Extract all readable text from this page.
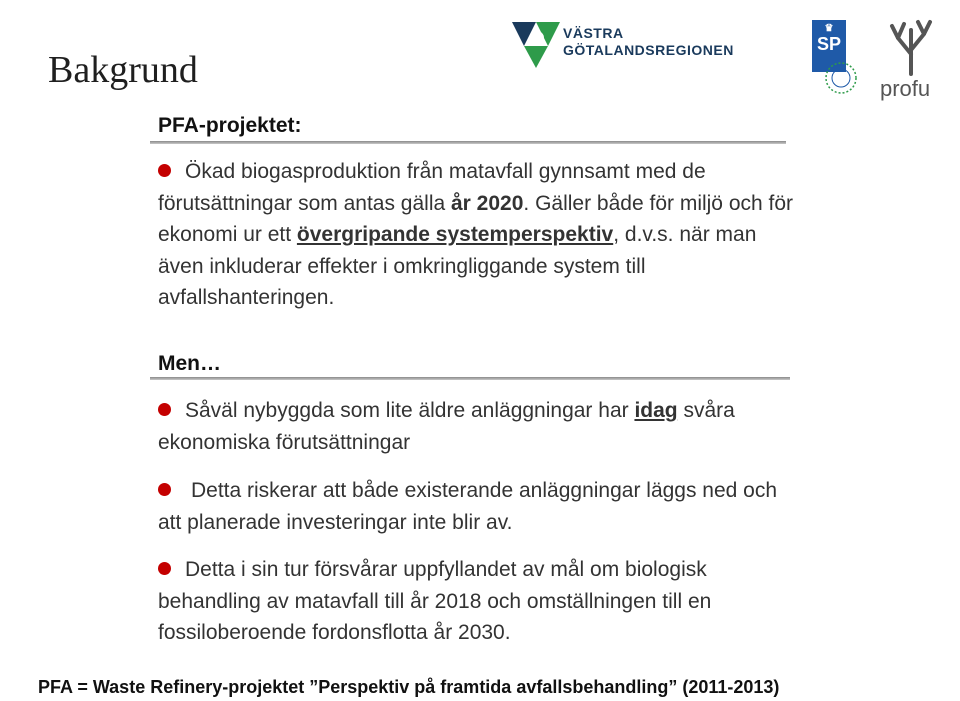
VÄSTRA
GÖTALANDSREGIONEN
♛
SP
profu
Bakgrund
PFA-projektet:
Ökad biogasproduktion från matavfall gynnsamt med de förutsättningar som antas gälla år 2020. Gäller både för miljö och för ekonomi ur ett övergripande systemperspektiv, d.v.s. när man även inkluderar effekter i omkringliggande system till avfallshanteringen.
Men…
Såväl nybyggda som lite äldre anläggningar har idag svåra ekonomiska förutsättningar
Detta riskerar att både existerande anläggningar läggs ned och att planerade investeringar inte blir av.
Detta i sin tur försvårar uppfyllandet av mål om biologisk behandling av matavfall till år 2018 och omställningen till en fossiloberoende fordonsflotta år 2030.
PFA = Waste Refinery-projektet ”Perspektiv på framtida avfallsbehandling” (2011-2013)
